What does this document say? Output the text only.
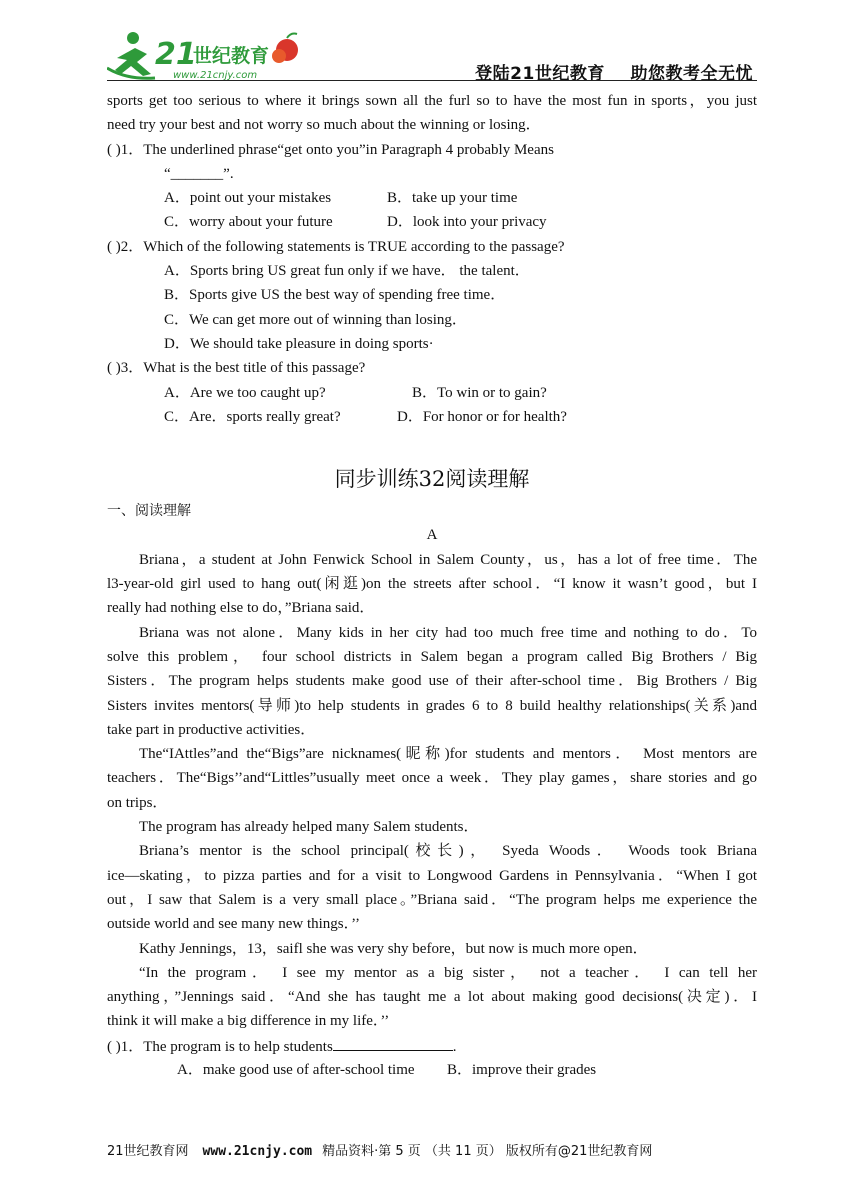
21
世纪教育
www.21cnjy.com	登陆21世纪教育    助您教考全无忧
sports get too serious to where it brings sown all the furl so to have the most fun in sports，you just
need try your best and not worry so much about the winning or losing．
( )1．The underlined phrase“get onto you”in Paragraph 4 probably Means
“_______”.
A．point out your mistakes	B．take up your time
C．worry about your future	D．look into your privacy
( )2．Which of the following statements is TRUE according to the passage?
A．Sports bring US great fun only if we have． the talent．
B．Sports give US the best way of spending free time．
C．We can get more out of winning than losing．
D．We should take pleasure in doing sports·
( )3．What is the best title of this passage?
A．Are we too caught up?	B．To win or to gain?
C．Are．sports really great?	D．For honor or for health?
同步训练32阅读理解
一、阅读理解
A
Briana，a student at John Fenwick School in Salem County，us，has a lot of free time．The
l3-year-old girl used to hang out(闲逛)on the streets after school．“I know it wasn’t good，but I
really had nothing else to do，”Briana said．
Briana was not alone．Many kids in her city had too much free time and nothing to do．To
solve this problem， four school districts in Salem began a program called Big Brothers / Big
Sisters．The program helps students make good use of their after-school time．Big Brothers / Big
Sisters invites mentors(导师)to help students in grades 6 to 8 build healthy relationships(关系)and
take part in productive activities．
The“IAttles”and the“Bigs”are nicknames(昵称)for students and mentors． Most mentors are
teachers．The“Bigs’’and“Littles”usually meet once a week．They play games，share stories and go
on trips．
The program has already helped many Salem students．
Briana’s mentor is the school principal(校长)， Syeda Woods． Woods took Briana
ice—skating，to pizza parties and for a visit to Longwood Gardens in Pennsylvania．“When I got
out，I saw that Salem is a very small place。”Briana said．“The program helps me experience the
outside world and see many new things．’’
Kathy Jennings，13，saifl she was very shy before，but now is much more open．
“In the program． I see my mentor as a big sister， not a teacher． I can tell her
anything，”Jennings said．“And she has taught me a lot about making good decisions(决定)．I
think it will make a big difference in my life．’’
( )1．The program is to help students	.
A．make good use of after-school time B．improve their grades
21世纪教育网 www.21cnjy.com 精品资料·第 5 页 （共 11 页） 版权所有@21世纪教育网
